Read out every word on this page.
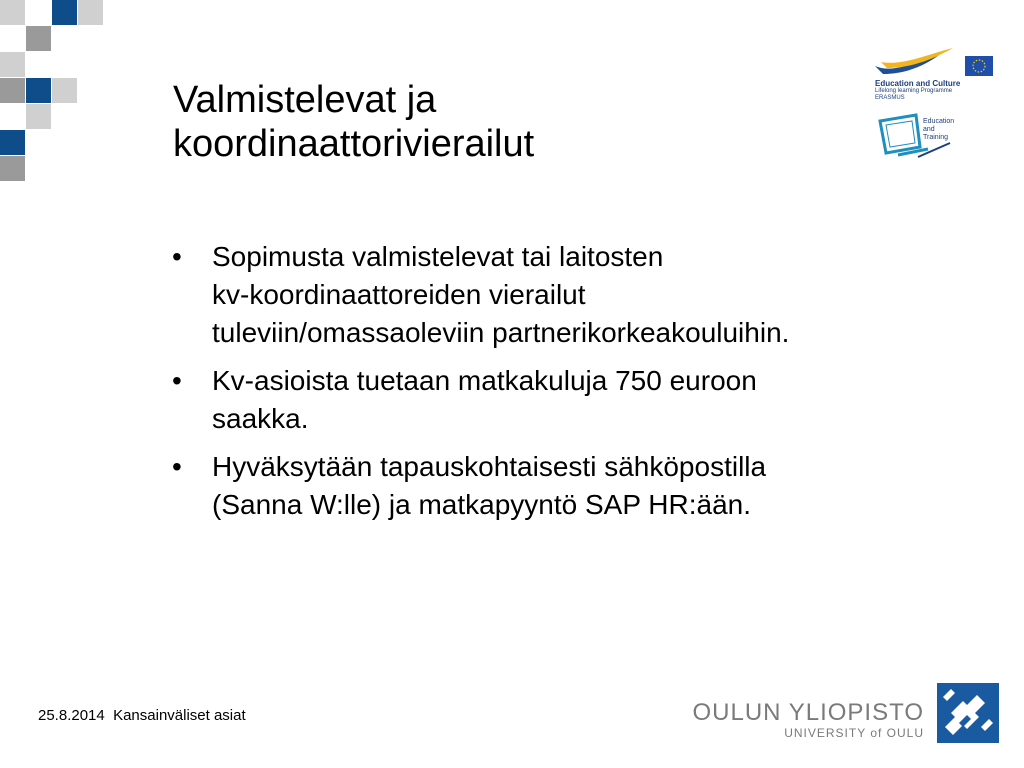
Valmistelevat ja
koordinaattorivierailut
• Sopimusta valmistelevat tai laitosten
kv-koordinaattoreiden vierailut
tuleviin/omassaoleviin partnerikorkeakouluihin.
• Kv-asioista tuetaan matkakuluja 750 euroon
saakka.
• Hyväksytään tapauskohtaisesti sähköpostilla
(Sanna W:lle) ja matkapyyntö SAP HR:ään.
Education and Culture
Lifelong learning Programme
ERASMUS
Education
and
Training
25.8.2014 Kansainväliset asiat	OULUN YLIOPISTO
UNIVERSITY of OULU
